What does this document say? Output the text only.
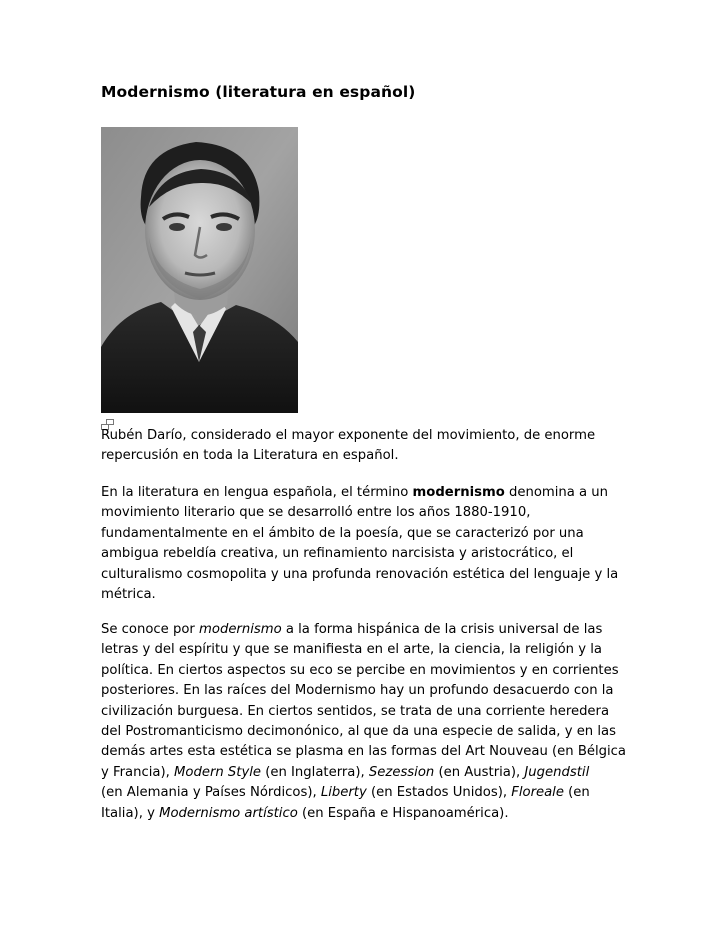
Modernismo (literatura en español)
Rubén Darío, considerado el mayor exponente del movimiento, de enorme
repercusión en toda la Literatura en español.
En la literatura en lengua española, el término modernismo denomina a un
movimiento literario que se desarrolló entre los años 1880-1910,
fundamentalmente en el ámbito de la poesía, que se caracterizó por una
ambigua rebeldía creativa, un refinamiento narcisista y aristocrático, el
culturalismo cosmopolita y una profunda renovación estética del lenguaje y la
métrica.
Se conoce por modernismo a la forma hispánica de la crisis universal de las
letras y del espíritu y que se manifiesta en el arte, la ciencia, la religión y la
política. En ciertos aspectos su eco se percibe en movimientos y en corrientes
posteriores. En las raíces del Modernismo hay un profundo desacuerdo con la
civilización burguesa. En ciertos sentidos, se trata de una corriente heredera
del Postromanticismo decimonónico, al que da una especie de salida, y en las
demás artes esta estética se plasma en las formas del Art Nouveau (en Bélgica
y Francia), Modern Style (en Inglaterra), Sezession (en Austria), Jugendstil
(en Alemania y Países Nórdicos), Liberty (en Estados Unidos), Floreale (en
Italia), y Modernismo artístico (en España e Hispanoamérica).
